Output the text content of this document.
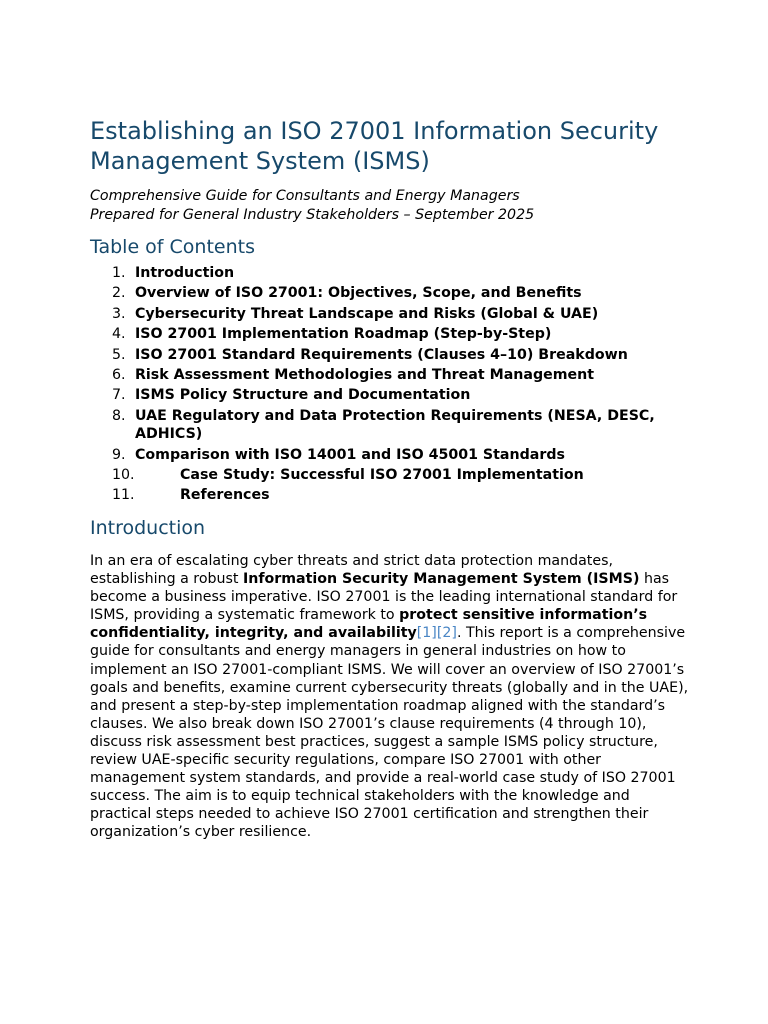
Establishing an ISO 27001 Information Security Management System (ISMS)

Comprehensive Guide for Consultants and Energy Managers
Prepared for General Industry Stakeholders – September 2025

Table of Contents
1. Introduction
2. Overview of ISO 27001: Objectives, Scope, and Benefits
3. Cybersecurity Threat Landscape and Risks (Global & UAE)
4. ISO 27001 Implementation Roadmap (Step-by-Step)
5. ISO 27001 Standard Requirements (Clauses 4–10) Breakdown
6. Risk Assessment Methodologies and Threat Management
7. ISMS Policy Structure and Documentation
8. UAE Regulatory and Data Protection Requirements (NESA, DESC, ADHICS)
9. Comparison with ISO 14001 and ISO 45001 Standards
10.	Case Study: Successful ISO 27001 Implementation
11.	References
Introduction

In an era of escalating cyber threats and strict data protection mandates, establishing a robust Information Security Management System (ISMS) has become a business imperative. ISO 27001 is the leading international standard for ISMS, providing a systematic framework to protect sensitive information’s confidentiality, integrity, and availability[1][2]. This report is a comprehensive guide for consultants and energy managers in general industries on how to implement an ISO 27001-compliant ISMS. We will cover an overview of ISO 27001’s goals and benefits, examine current cybersecurity threats (globally and in the UAE), and present a step-by-step implementation roadmap aligned with the standard’s clauses. We also break down ISO 27001’s clause requirements (4 through 10), discuss risk assessment best practices, suggest a sample ISMS policy structure, review UAE-specific security regulations, compare ISO 27001 with other management system standards, and provide a real-world case study of ISO 27001 success. The aim is to equip technical stakeholders with the knowledge and practical steps needed to achieve ISO 27001 certification and strengthen their organization’s cyber resilience.
